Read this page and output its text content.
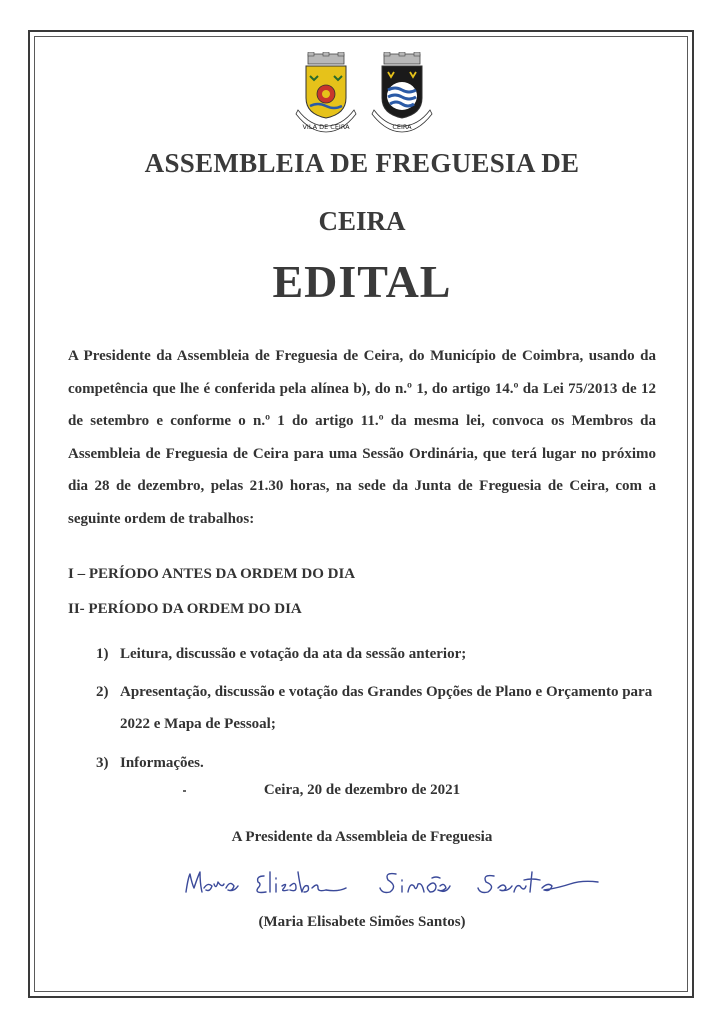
VILA DE CEIRA	CEIRA
ASSEMBLEIA DE FREGUESIA DE
CEIRA
EDITAL
A Presidente da Assembleia de Freguesia de Ceira, do Município de Coimbra, usando da competência que lhe é conferida pela alínea b), do n.º 1, do artigo 14.º da Lei 75/2013 de 12 de setembro e conforme o n.º 1 do artigo 11.º da mesma lei, convoca os Membros da Assembleia de Freguesia de Ceira para uma Sessão Ordinária, que terá lugar no próximo dia 28 de dezembro, pelas 21.30 horas, na sede da Junta de Freguesia de Ceira, com a seguinte ordem de trabalhos:
I – PERÍODO ANTES DA ORDEM DO DIA
II- PERÍODO DA ORDEM DO DIA
1) Leitura, discussão e votação da ata da sessão anterior;
2) Apresentação, discussão e votação das Grandes Opções de Plano e Orçamento para 2022 e Mapa de Pessoal;
3) Informações.
Ceira, 20 de dezembro de 2021
A Presidente da Assembleia de Freguesia
(Maria Elisabete Simões Santos)
